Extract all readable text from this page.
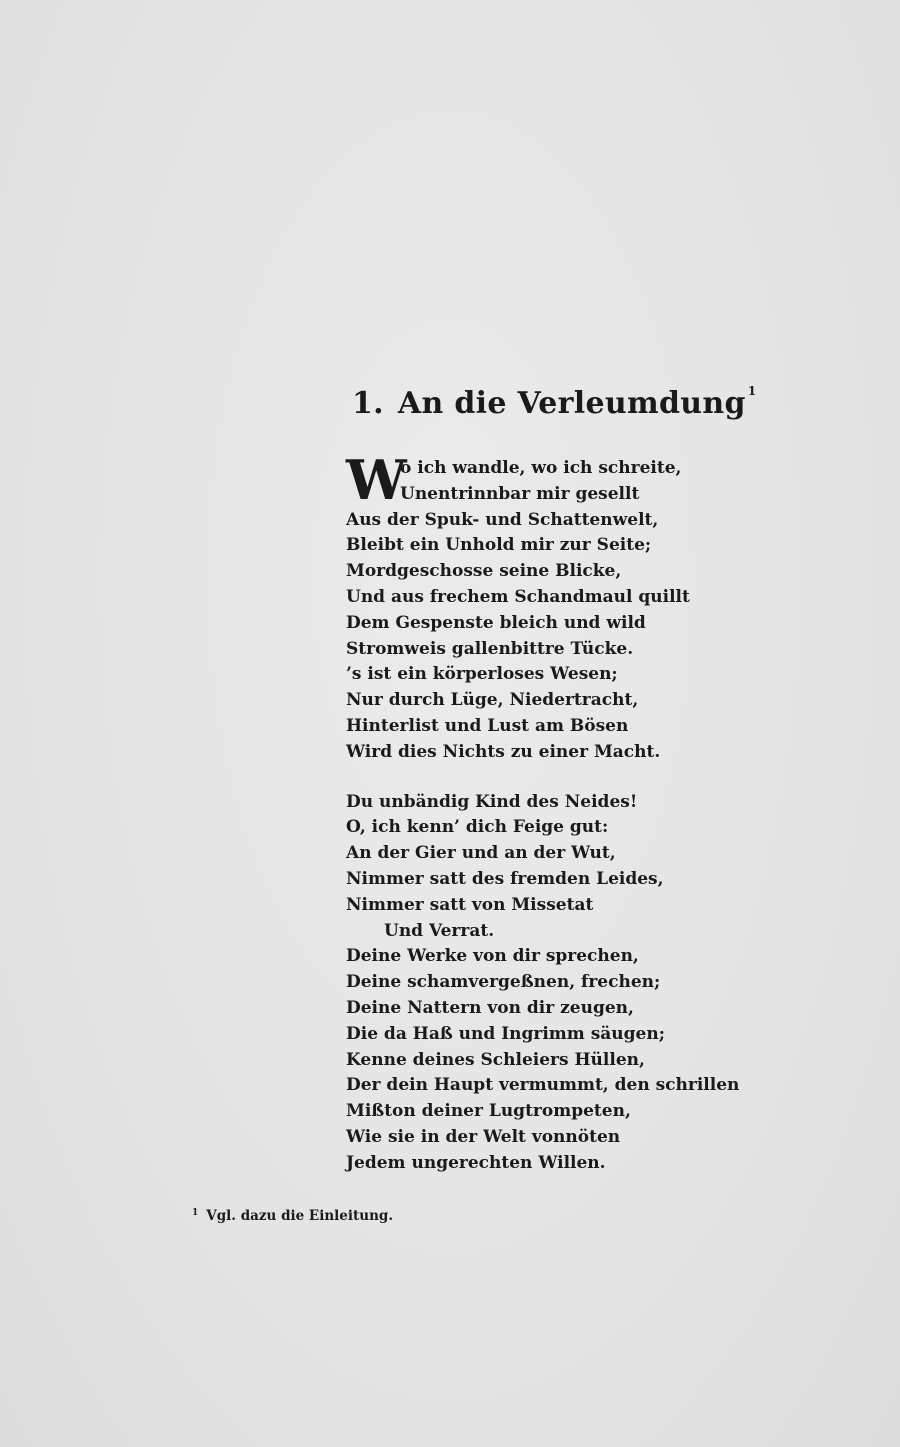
1. An die Verleumdung $^1$
W
o ich wandle, wo ich schreite,
Unentrinnbar mir gesellt
Aus der Spuk- und Schattenwelt,
Bleibt ein Unhold mir zur Seite;
Mordgeschosse seine Blicke,
Und aus frechem Schandmaul quillt
Dem Gespenste bleich und wild
Stromweis gallenbittre Tücke.
’s ist ein körperloses Wesen;
Nur durch Lüge, Niedertracht,
Hinterlist und Lust am Bösen
Wird dies Nichts zu einer Macht.
Du unbändig Kind des Neides!
O, ich kenn’ dich Feige gut:
An der Gier und an der Wut,
Nimmer satt des fremden Leides,
Nimmer satt von Missetat
Und Verrat.
Deine Werke von dir sprechen,
Deine schamvergeßnen, frechen;
Deine Nattern von dir zeugen,
Die da Haß und Ingrimm säugen;
Kenne deines Schleiers Hüllen,
Der dein Haupt vermummt, den schrillen
Mißton deiner Lugtrompeten,
Wie sie in der Welt vonnöten
Jedem ungerechten Willen.
$^1$ Vgl. dazu die Einleitung.
